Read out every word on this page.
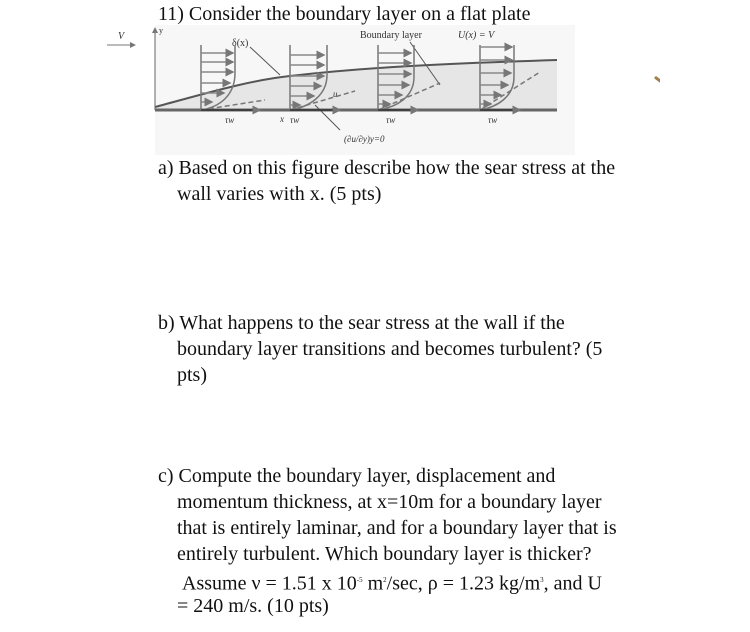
11) Consider the boundary layer on a flat plate
y
V
δ(x)
Boundary layer	U(x) = V
u
x
τw	τw	τw	τw
(∂u/∂y)y=0
a) Based on this figure describe how the sear stress at the
wall varies with x. (5 pts)
b) What happens to the sear stress at the wall if the
boundary layer transitions and becomes turbulent? (5
pts)
c) Compute the boundary layer, displacement and
momentum thickness, at x=10m for a boundary layer
that is entirely laminar, and for a boundary layer that is
entirely turbulent. Which boundary layer is thicker?
Assume ν = 1.51 x $10^{-5}$ $m^2/\sec$, ρ = 1.23 $kg/m^3$, and U
= 240 m/s. (10 pts)
